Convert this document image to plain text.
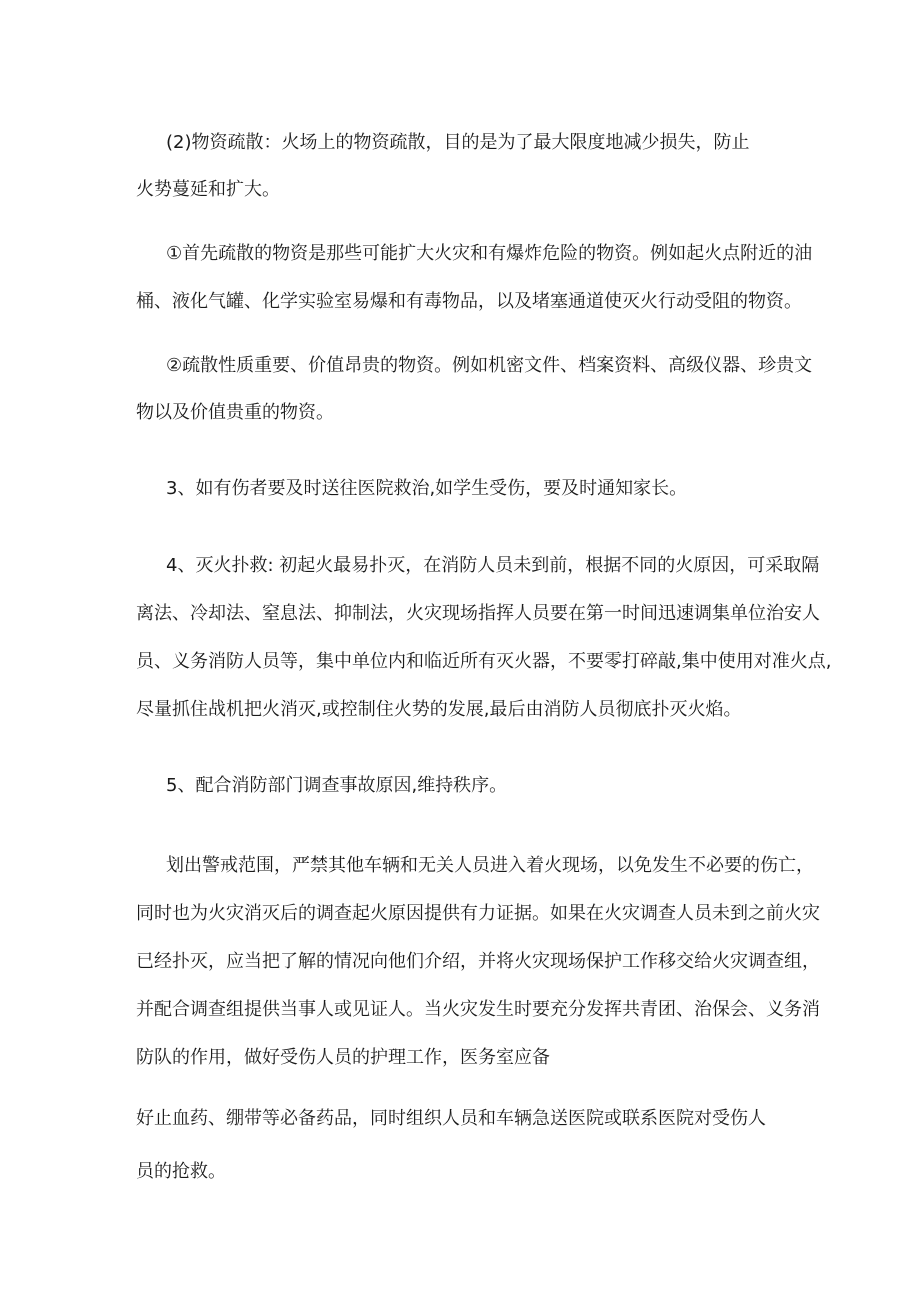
(2)物资疏散：火场上的物资疏散，目的是为了最大限度地减少损失，防止
火势蔓延和扩大。
①首先疏散的物资是那些可能扩大火灾和有爆炸危险的物资。例如起火点附近的油
桶、液化气罐、化学实验室易爆和有毒物品，以及堵塞通道使灭火行动受阻的物资。
②疏散性质重要、价值昂贵的物资。例如机密文件、档案资料、高级仪器、珍贵文
物以及价值贵重的物资。
3、如有伤者要及时送往医院救治,如学生受伤，要及时通知家长。
4、灭火扑救: 初起火最易扑灭，在消防人员未到前，根据不同的火原因，可采取隔
离法、冷却法、窒息法、抑制法，火灾现场指挥人员要在第一时间迅速调集单位治安人
员、义务消防人员等，集中单位内和临近所有灭火器，不要零打碎敲,集中使用对准火点,
尽量抓住战机把火消灭,或控制住火势的发展,最后由消防人员彻底扑灭火焰。
5、配合消防部门调查事故原因,维持秩序。
划出警戒范围，严禁其他车辆和无关人员进入着火现场，以免发生不必要的伤亡，
同时也为火灾消灭后的调查起火原因提供有力证据。如果在火灾调查人员未到之前火灾
已经扑灭，应当把了解的情况向他们介绍，并将火灾现场保护工作移交给火灾调查组，
并配合调查组提供当事人或见证人。当火灾发生时要充分发挥共青团、治保会、义务消
防队的作用，做好受伤人员的护理工作，医务室应备
好止血药、绷带等必备药品，同时组织人员和车辆急送医院或联系医院对受伤人
员的抢救。
